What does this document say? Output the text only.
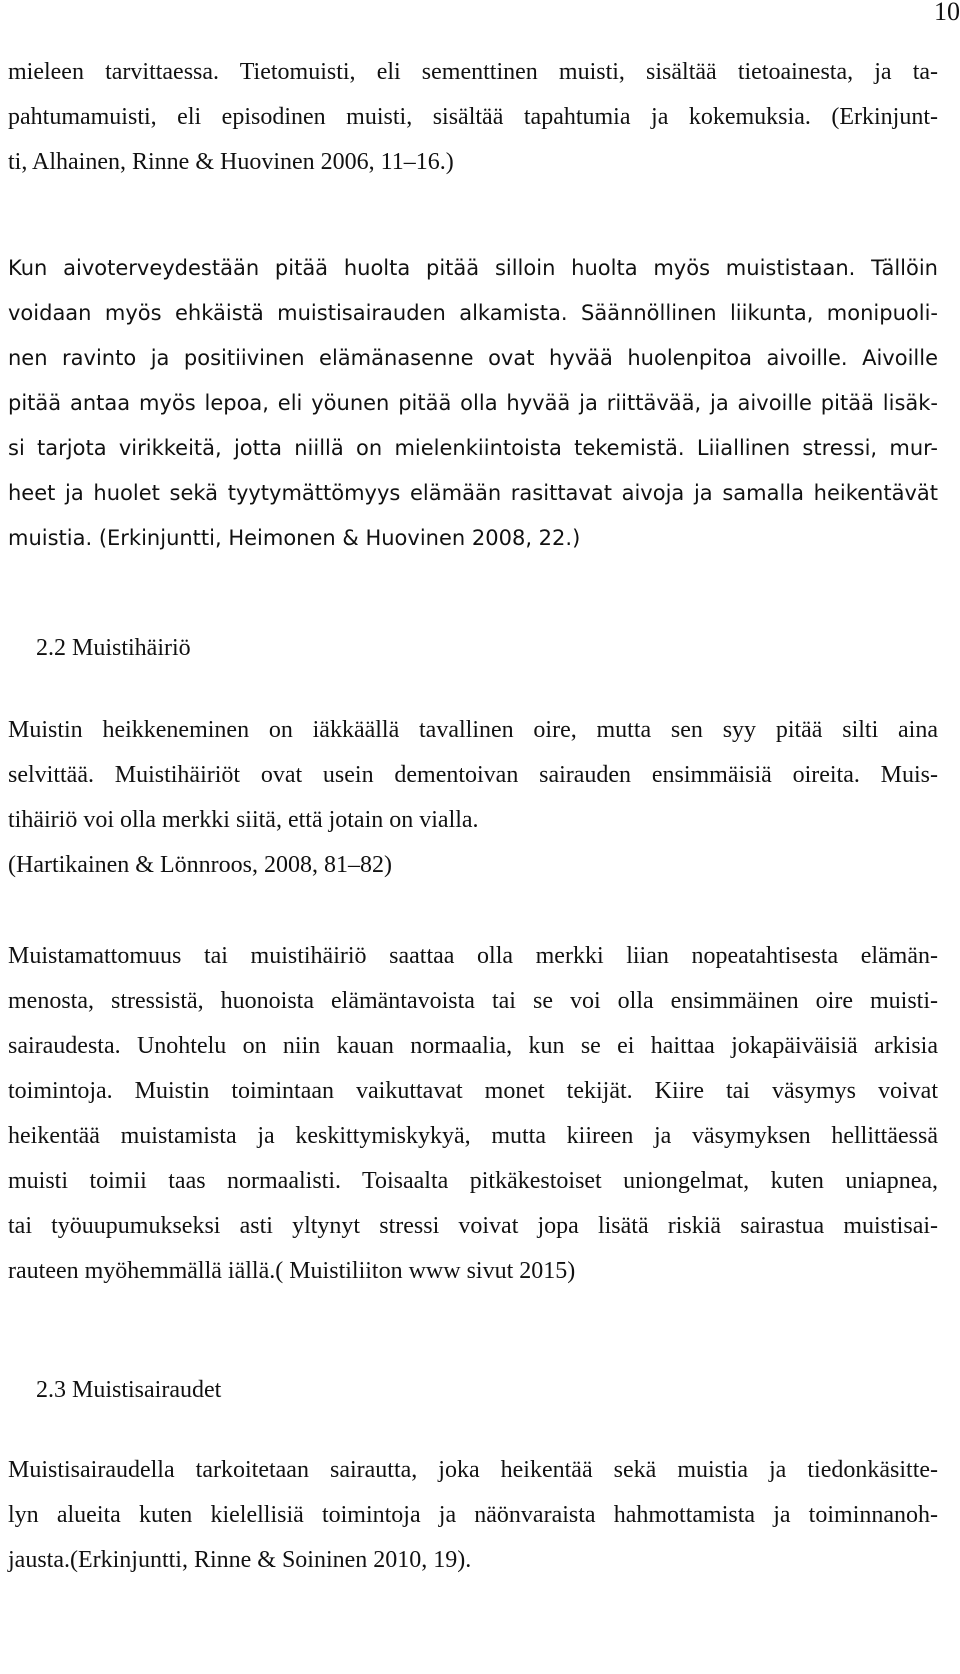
10
mieleen tarvittaessa. Tietomuisti, eli sementtinen muisti, sisältää tietoainesta, ja ta-
pahtumamuisti, eli episodinen muisti, sisältää tapahtumia ja kokemuksia. (Erkinjunt-
ti, Alhainen, Rinne & Huovinen 2006, 11–16.)
Kun aivoterveydestään pitää huolta pitää silloin huolta myös muististaan. Tällöin
voidaan myös ehkäistä muistisairauden alkamista. Säännöllinen liikunta, monipuoli-
nen ravinto ja positiivinen elämänasenne ovat hyvää huolenpitoa aivoille. Aivoille
pitää antaa myös lepoa, eli yöunen pitää olla hyvää ja riittävää, ja aivoille pitää lisäk-
si tarjota virikkeitä, jotta niillä on mielenkiintoista tekemistä. Liiallinen stressi, mur-
heet ja huolet sekä tyytymättömyys elämään rasittavat aivoja ja samalla heikentävät
muistia. (Erkinjuntti, Heimonen & Huovinen 2008, 22.)
2.2 Muistihäiriö
Muistin heikkeneminen on iäkkäällä tavallinen oire, mutta sen syy pitää silti aina
selvittää. Muistihäiriöt ovat usein dementoivan sairauden ensimmäisiä oireita. Muis-
tihäiriö voi olla merkki siitä, että jotain on vialla.
(Hartikainen & Lönnroos, 2008, 81–82)
Muistamattomuus tai muistihäiriö saattaa olla merkki liian nopeatahtisesta elämän-
menosta, stressistä, huonoista elämäntavoista tai se voi olla ensimmäinen oire muisti-
sairaudesta. Unohtelu on niin kauan normaalia, kun se ei haittaa jokapäiväisiä arkisia
toimintoja. Muistin toimintaan vaikuttavat monet tekijät. Kiire tai väsymys voivat
heikentää muistamista ja keskittymiskykyä, mutta kiireen ja väsymyksen hellittäessä
muisti toimii taas normaalisti. Toisaalta pitkäkestoiset uniongelmat, kuten uniapnea,
tai työuupumukseksi asti yltynyt stressi voivat jopa lisätä riskiä sairastua muistisai-
rauteen myöhemmällä iällä.( Muistiliiton www sivut 2015)
2.3 Muistisairaudet
Muistisairaudella tarkoitetaan sairautta, joka heikentää sekä muistia ja tiedonkäsitte-
lyn alueita kuten kielellisiä toimintoja ja näönvaraista hahmottamista ja toiminnanoh-
jausta.(Erkinjuntti, Rinne & Soininen 2010, 19).
